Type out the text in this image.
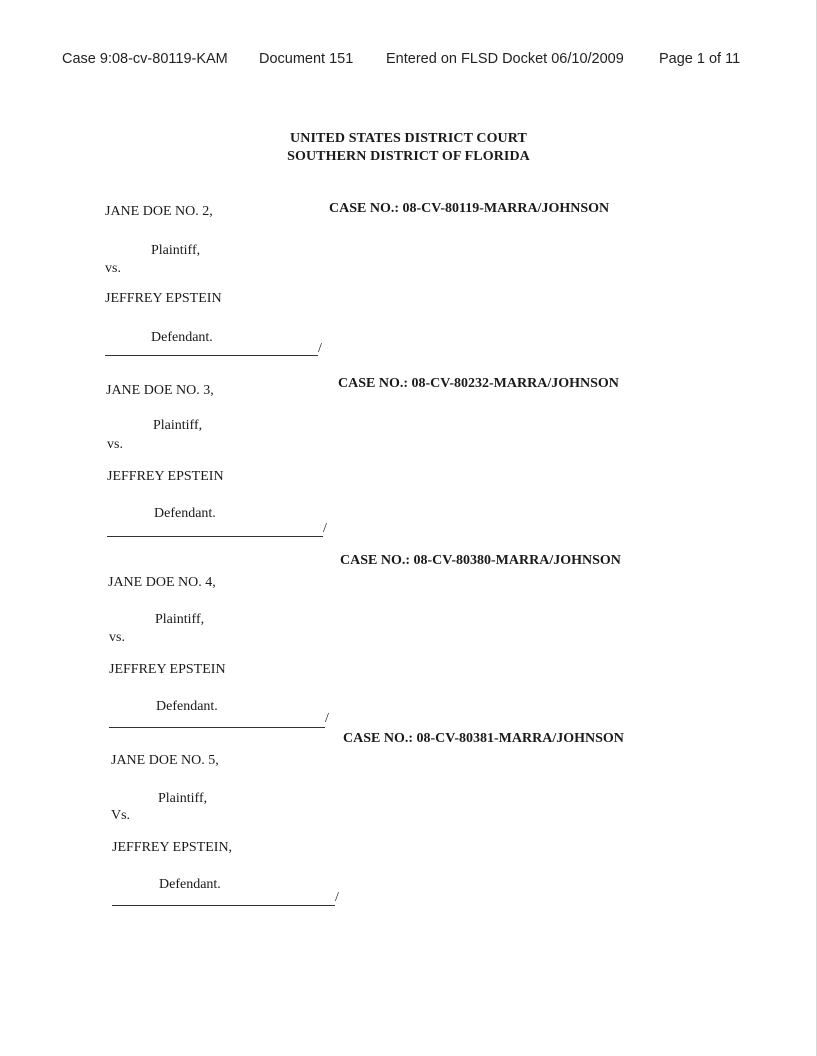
Case 9:08-cv-80119-KAM Document 151 Entered on FLSD Docket 06/10/2009 Page 1 of 11
UNITED STATES DISTRICT COURT
SOUTHERN DISTRICT OF FLORIDA
JANE DOE NO. 2,	CASE NO.: 08-CV-80119-MARRA/JOHNSON
Plaintiff,
vs.
JEFFREY EPSTEIN
Defendant.
/
JANE DOE NO. 3,	CASE NO.: 08-CV-80232-MARRA/JOHNSON
Plaintiff,
vs.
JEFFREY EPSTEIN
Defendant.
/
CASE NO.: 08-CV-80380-MARRA/JOHNSON
JANE DOE NO. 4,
Plaintiff,
vs.
JEFFREY EPSTEIN
Defendant.
/
CASE NO.: 08-CV-80381-MARRA/JOHNSON
JANE DOE NO. 5,
Plaintiff,
Vs.
JEFFREY EPSTEIN,
Defendant.
/
